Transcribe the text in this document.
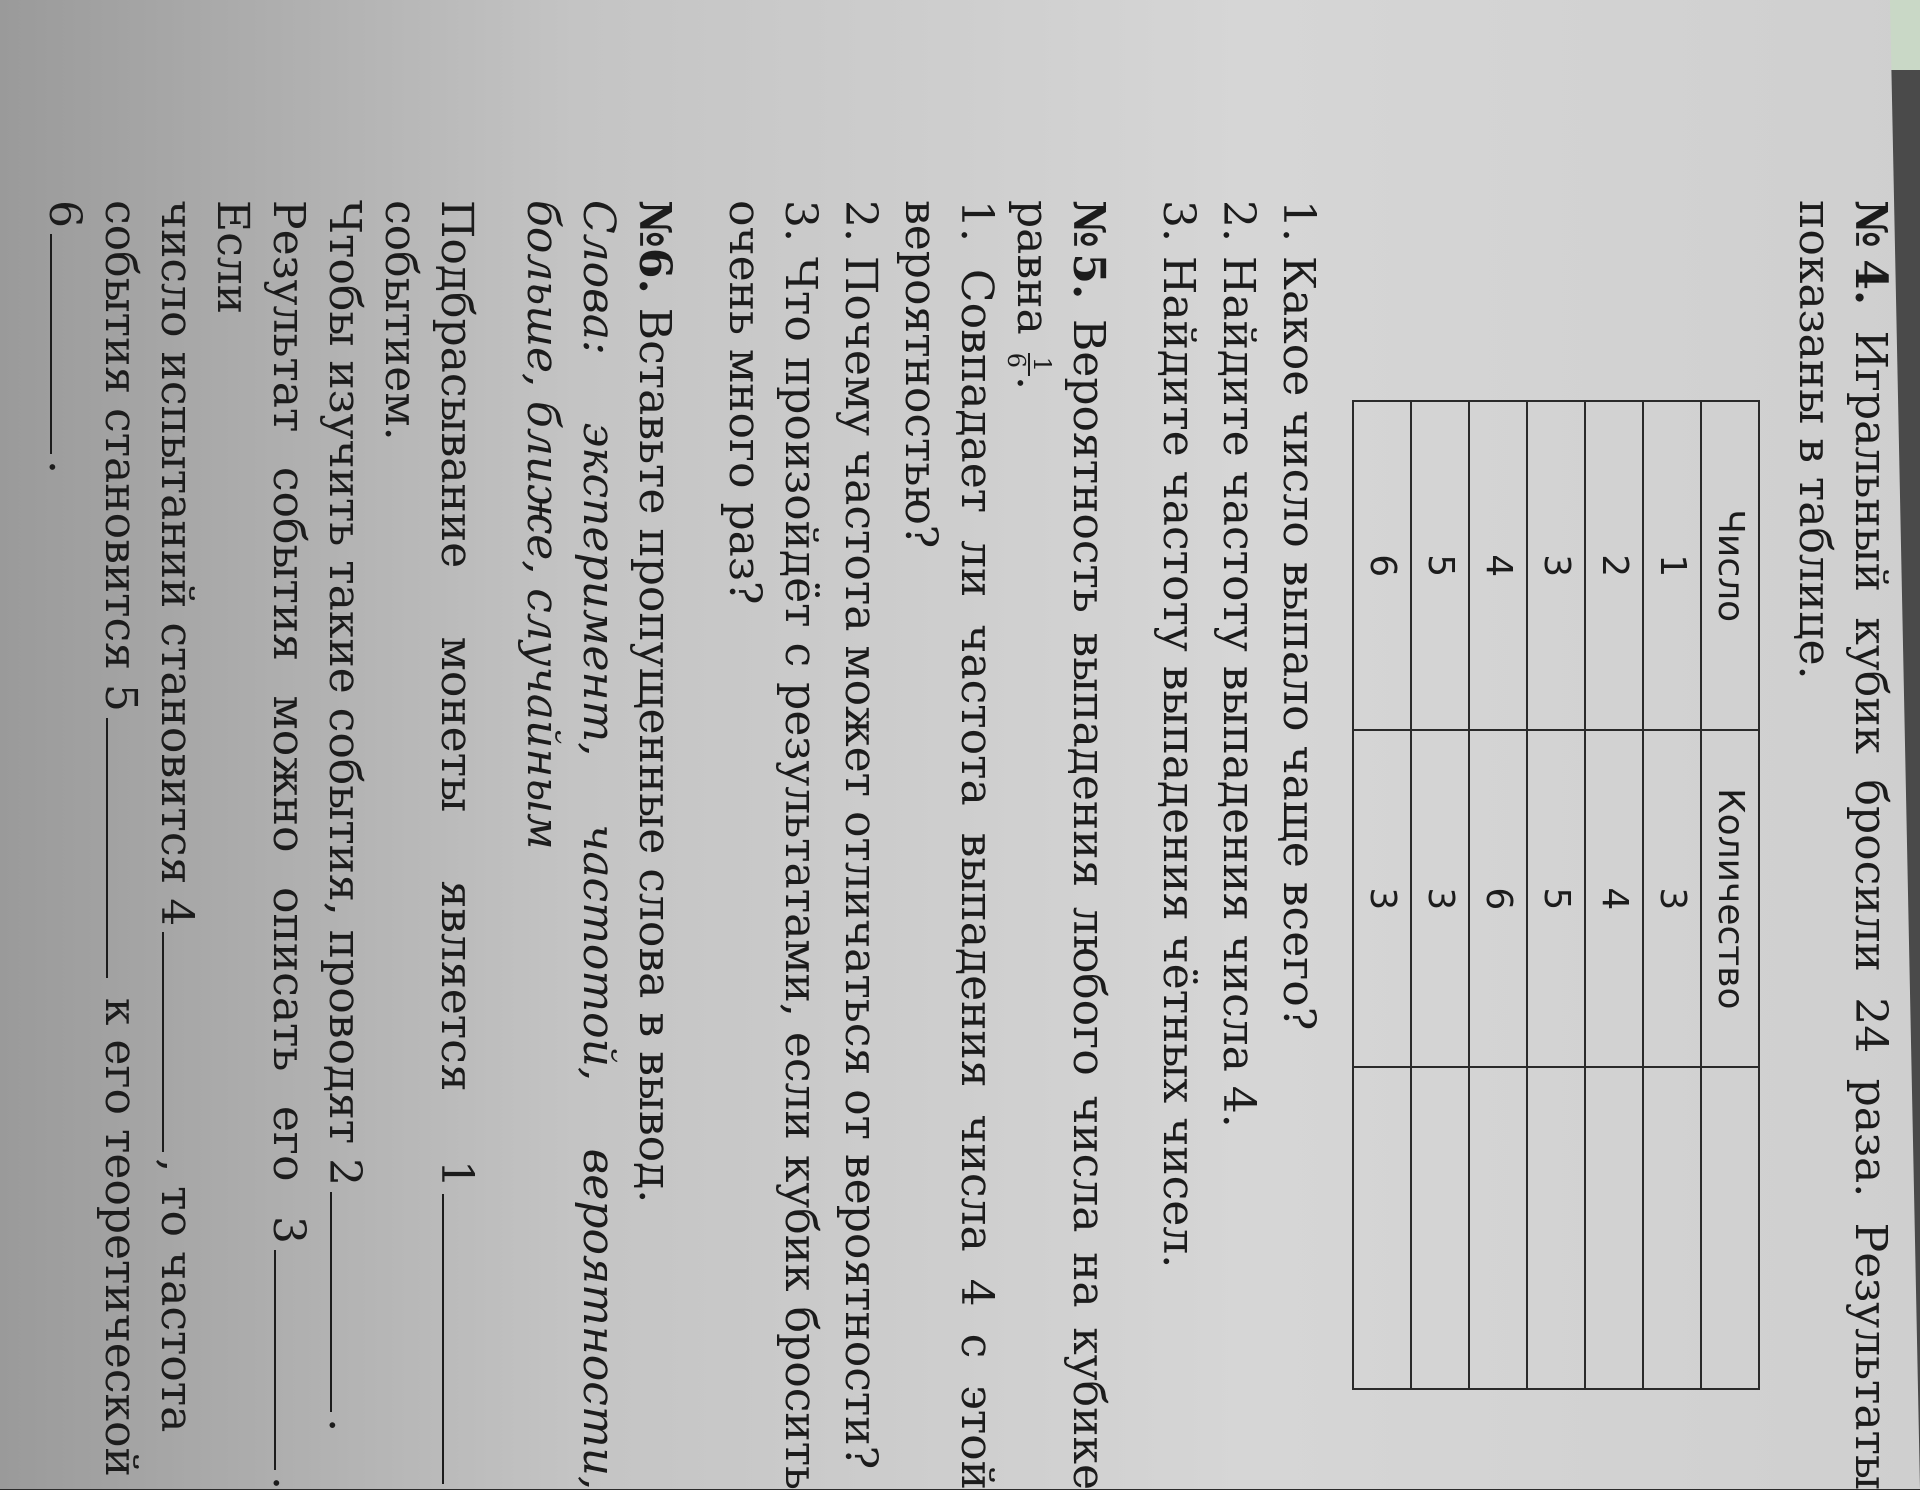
№4. Игральный кубик бросили 24 раза. Результаты показаны в таблице.
Число	Количество	
1	3	
2	4	
3	5	
4	6	
5	3	
6	3	
1. Какое число выпало чаще всего?
2. Найдите частоту выпадения числа 4.
3. Найдите частоту выпадения чётных чисел.
№5. Вероятность выпадения любого числа на кубике равна
1
6
.
1. Совпадает ли частота выпадения числа 4 с этой вероятностью?
2. Почему частота может отличаться от вероятности?
3. Что произойдёт с результатами, если кубик бросить очень много раз?
№6. Вставьте пропущенные слова в вывод.
Слова: эксперимент, частотой, вероятности, больше, ближе, случайным
Подбрасывание монеты является 1 событием.
Чтобы изучить такие события, проводят 2.
Результат события можно описать его 3. Если
число испытаний становится 4, то частота
события становится 5 к его теоретической
6.
